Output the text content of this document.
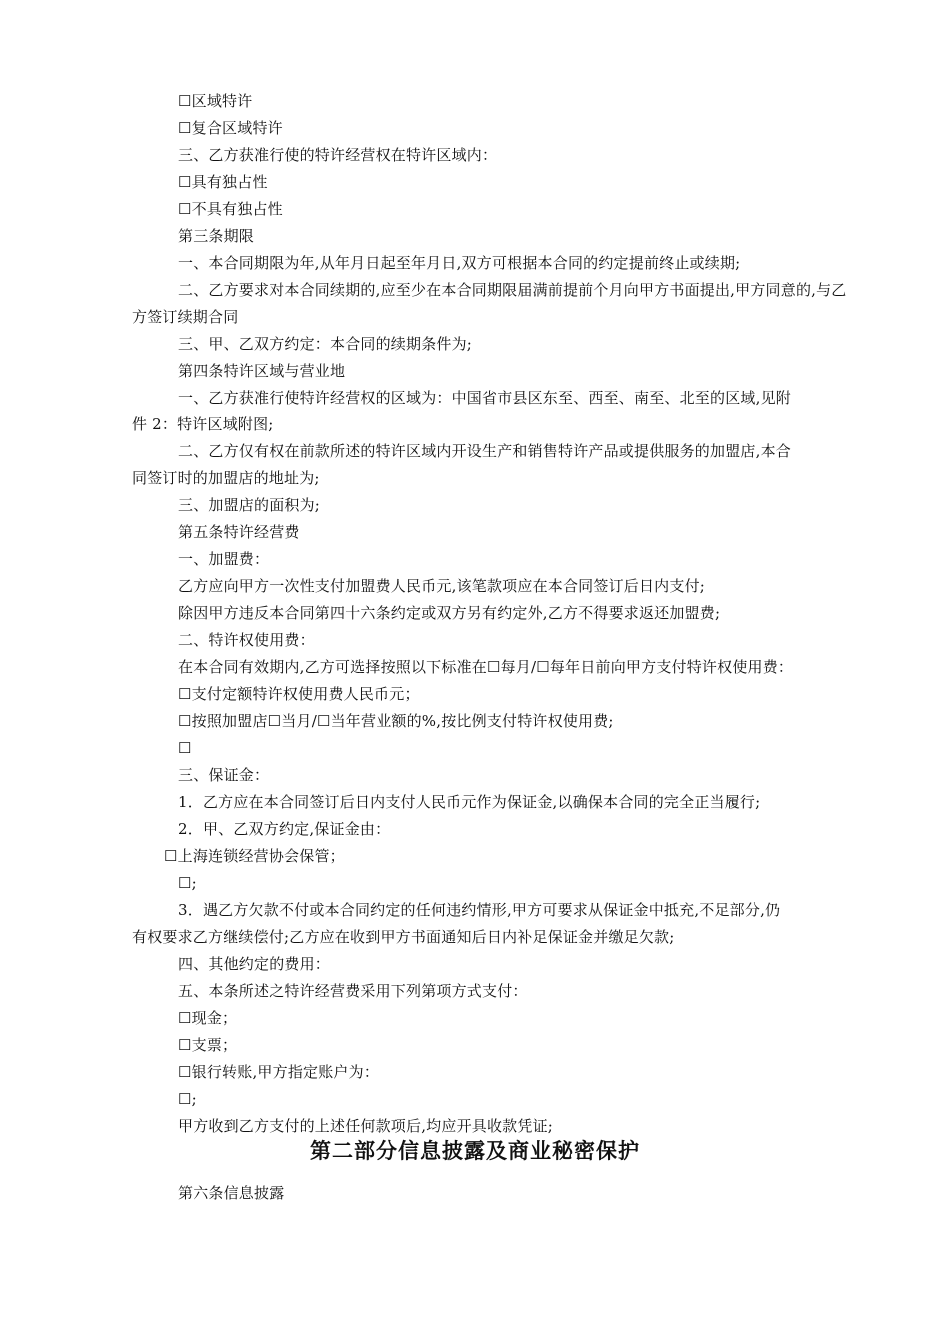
☐区域特许
☐复合区域特许
三、乙方获准行使的特许经营权在特许区域内：
☐具有独占性
☐不具有独占性
第三条期限
一、本合同期限为年,从年月日起至年月日,双方可根据本合同的约定提前终止或续期;
二、乙方要求对本合同续期的,应至少在本合同期限届满前提前个月向甲方书面提出,甲方同意的,与乙
方签订续期合同
三、甲、乙双方约定：本合同的续期条件为;
第四条特许区域与营业地
一、乙方获准行使特许经营权的区域为：中国省市县区东至、西至、南至、北至的区域,见附
件 2：特许区域附图;
二、乙方仅有权在前款所述的特许区域内开设生产和销售特许产品或提供服务的加盟店,本合
同签订时的加盟店的地址为;
三、加盟店的面积为;
第五条特许经营费
一、加盟费：
乙方应向甲方一次性支付加盟费人民币元,该笔款项应在本合同签订后日内支付;
除因甲方违反本合同第四十六条约定或双方另有约定外,乙方不得要求返还加盟费;
二、特许权使用费：
在本合同有效期内,乙方可选择按照以下标准在☐每月/☐每年日前向甲方支付特许权使用费：
☐支付定额特许权使用费人民币元；
☐按照加盟店☐当月/☐当年营业额的%,按比例支付特许权使用费;
☐
三、保证金：
1．乙方应在本合同签订后日内支付人民币元作为保证金,以确保本合同的完全正当履行;
2．甲、乙双方约定,保证金由：
☐上海连锁经营协会保管；
☐;
3．遇乙方欠款不付或本合同约定的任何违约情形,甲方可要求从保证金中抵充,不足部分,仍
有权要求乙方继续偿付;乙方应在收到甲方书面通知后日内补足保证金并缴足欠款;
四、其他约定的费用：
五、本条所述之特许经营费采用下列第项方式支付：
☐现金；
☐支票；
☐银行转账,甲方指定账户为：
☐;
甲方收到乙方支付的上述任何款项后,均应开具收款凭证;
第二部分信息披露及商业秘密保护
第六条信息披露
